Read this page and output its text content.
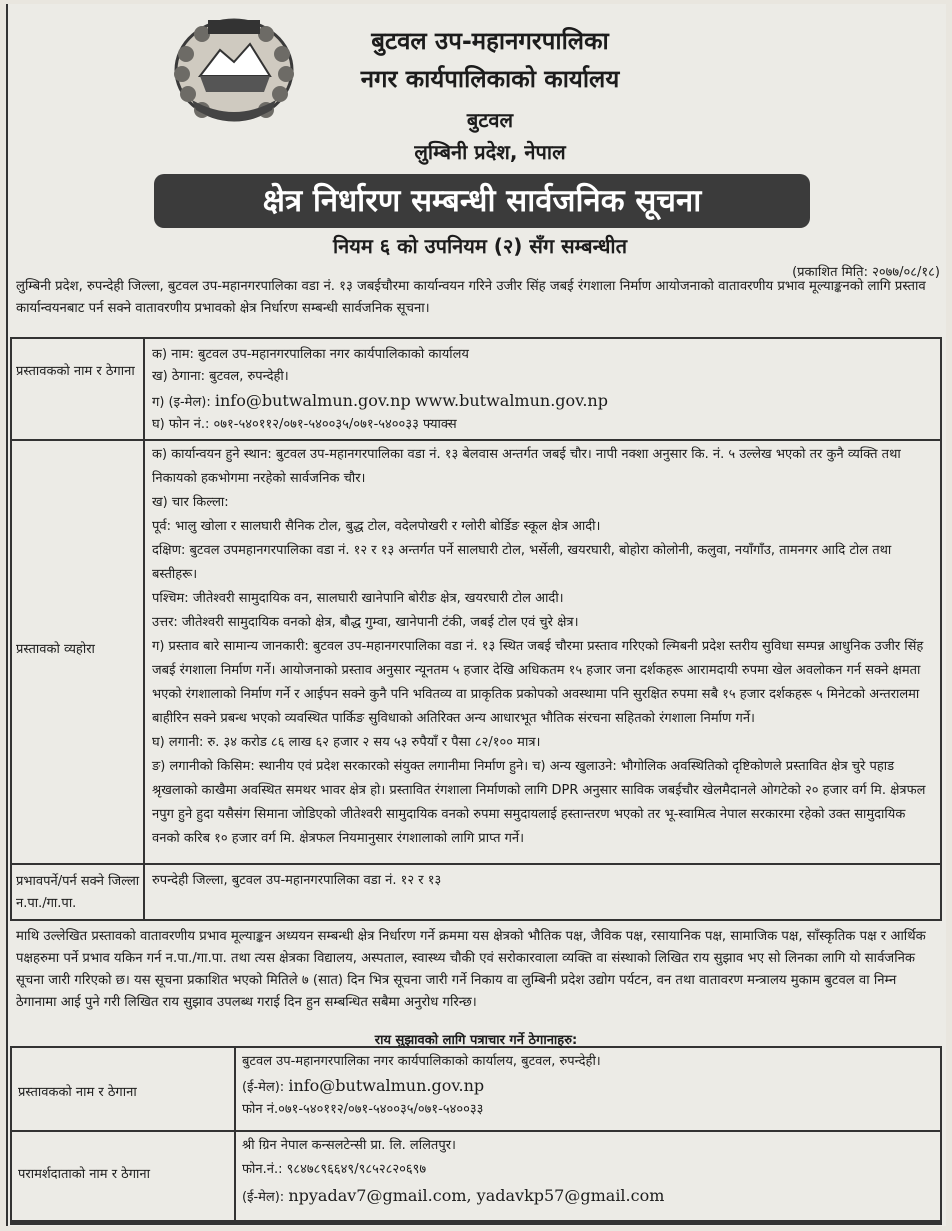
बुटवल उप-महानगरपालिका
नगर कार्यपालिकाको कार्यालय
बुटवल
लुम्बिनी प्रदेश, नेपाल
क्षेत्र निर्धारण सम्बन्धी सार्वजनिक सूचना
नियम ६ को उपनियम (२) सँग सम्बन्धीत
(प्रकाशित मिति: २०७७/०८/१८)
लुम्बिनी प्रदेश, रुपन्देही जिल्ला, बुटवल उप-महानगरपालिका वडा नं. १३ जबईचौरमा कार्यान्वयन गरिने उजीर सिंह जबई रंगशाला निर्माण आयोजनाको वातावरणीय प्रभाव मूल्याङ्कनको लागि प्रस्ताव कार्यान्वयनबाट पर्न सक्ने वातावरणीय प्रभावको क्षेत्र निर्धारण सम्बन्धी सार्वजनिक सूचना।
प्रस्तावकको नाम र ठेगाना
क) नाम: बुटवल उप-महानगरपालिका नगर कार्यपालिकाको कार्यालय
ख) ठेगाना: बुटवल, रुपन्देही।
ग) (इ-मेल): info@butwalmun.gov.np www.butwalmun.gov.np
घ) फोन नं.: ०७१-५४०११२/०७१-५४००३५/०७१-५४००३३ फ्याक्स
प्रस्तावको व्यहोरा
क) कार्यान्वयन हुने स्थान: बुटवल उप-महानगरपालिका वडा नं. १३ बेलवास अन्तर्गत जबई चौर। नापी नक्शा अनुसार कि. नं. ५ उल्लेख भएको तर कुनै व्यक्ति तथा निकायको हकभोगमा नरहेको सार्वजनिक चौर।
ख) चार किल्ला:
पूर्व: भालु खोला र सालघारी सैनिक टोल, बुद्ध टोल, वदेलपोखरी र ग्लोरी बोर्डिङ स्कूल क्षेत्र आदी।
दक्षिण: बुटवल उपमहानगरपालिका वडा नं. १२ र १३ अन्तर्गत पर्ने सालघारी टोल, भर्सेली, खयरघारी, बोहोरा कोलोनी, कलुवा, नयाँगाँउ, तामनगर आदि टोल तथा बस्तीहरू।
पश्चिम: जीतेश्वरी सामुदायिक वन, सालघारी खानेपानि बोरीङ क्षेत्र, खयरघारी टोल आदी।
उत्तर: जीतेश्वरी सामुदायिक वनको क्षेत्र, बौद्ध गुम्वा, खानेपानी टंकी, जबई टोल एवं चुरे क्षेत्र।
ग) प्रस्ताव बारे सामान्य जानकारी: बुटवल उप-महानगरपालिका वडा नं. १३ स्थित जबई चौरमा प्रस्ताव गरिएको ल्मिबनी प्रदेश स्तरीय सुविधा सम्पन्न आधुनिक उजीर सिंह जबई रंगशाला निर्माण गर्ने। आयोजनाको प्रस्ताव अनुसार न्यूनतम ५ हजार देखि अधिकतम १५ हजार जना दर्शकहरू आरामदायी रुपमा खेल अवलोकन गर्न सक्ने क्षमता भएको रंगशालाको निर्माण गर्ने र आईपन सक्ने कुनै पनि भवितव्य वा प्राकृतिक प्रकोपको अवस्थामा पनि सुरक्षित रुपमा सबै १५ हजार दर्शकहरू ५ मिनेटको अन्तरालमा बाहीरिन सक्ने प्रबन्ध भएको व्यवस्थित पार्किङ सुविधाको अतिरिक्त अन्य आधारभूत भौतिक संरचना सहितको रंगशाला निर्माण गर्ने।
घ) लगानी: रु. ३४ करोड ८६ लाख ६२ हजार २ सय ५३ रुपैयाँ र पैसा ८२/१०० मात्र।
ङ) लगानीको किसिम: स्थानीय एवं प्रदेश सरकारको संयुक्त लगानीमा निर्माण हुने। च) अन्य खुलाउने: भौगोलिक अवस्थितिको दृष्टिकोणले प्रस्तावित क्षेत्र चुरे पहाड श्रृखलाको काखैमा अवस्थित समथर भावर क्षेत्र हो। प्रस्तावित रंगशाला निर्माणको लागि DPR अनुसार साविक जबईचौर खेलमैदानले ओगटेको २० हजार वर्ग मि. क्षेत्रफल नपुग हुने हुदा यसैसंग सिमाना जोडिएको जीतेश्वरी सामुदायिक वनको रुपमा समुदायलाई हस्तान्तरण भएको तर भू-स्वामित्व नेपाल सरकारमा रहेको उक्त सामुदायिक वनको करिब १० हजार वर्ग मि. क्षेत्रफल नियमानुसार रंगशालाको लागि प्राप्त गर्ने।
प्रभावपर्ने/पर्न सक्ने जिल्ला न.पा./गा.पा.
रुपन्देही जिल्ला, बुटवल उप-महानगरपालिका वडा नं. १२ र १३
माथि उल्लेखित प्रस्तावको वातावरणीय प्रभाव मूल्याङ्कन अध्ययन सम्बन्धी क्षेत्र निर्धारण गर्ने क्रममा यस क्षेत्रको भौतिक पक्ष, जैविक पक्ष, रसायानिक पक्ष, सामाजिक पक्ष, साँस्कृतिक पक्ष र आर्थिक पक्षहरुमा पर्ने प्रभाव यकिन गर्न न.पा./गा.पा. तथा त्यस क्षेत्रका विद्यालय, अस्पताल, स्वास्थ्य चौकी एवं सरोकारवाला व्यक्ति वा संस्थाको लिखित राय सुझाव भए सो लिनका लागि यो सार्वजनिक सूचना जारी गरिएको छ। यस सूचना प्रकाशित भएको मितिले ७ (सात) दिन भित्र सूचना जारी गर्ने निकाय वा लुम्बिनी प्रदेश उद्योग पर्यटन, वन तथा वातावरण मन्त्रालय मुकाम बुटवल वा निम्न ठेगानामा आई पुने गरी लिखित राय सुझाव उपलब्ध गराई दिन हुन सम्बन्धित सबैमा अनुरोध गरिन्छ।
राय सुझावको लागि पत्राचार गर्ने ठेगानाहरु:
प्रस्तावकको नाम र ठेगाना
बुटवल उप-महानगरपालिका नगर कार्यपालिकाको कार्यालय, बुटवल, रुपन्देही।
(ई-मेल): info@butwalmun.gov.np
फोन नं.०७१-५४०११२/०७१-५४००३५/०७१-५४००३३
परामर्शदाताको नाम र ठेगाना
श्री ग्रिन नेपाल कन्सलटेन्सी प्रा. लि. ललितपुर।
फोन.नं.: ९८४७८९६६४९/९८५२८२०६९७
(ई-मेल): npyadav7@gmail.com, yadavkp57@gmail.com
